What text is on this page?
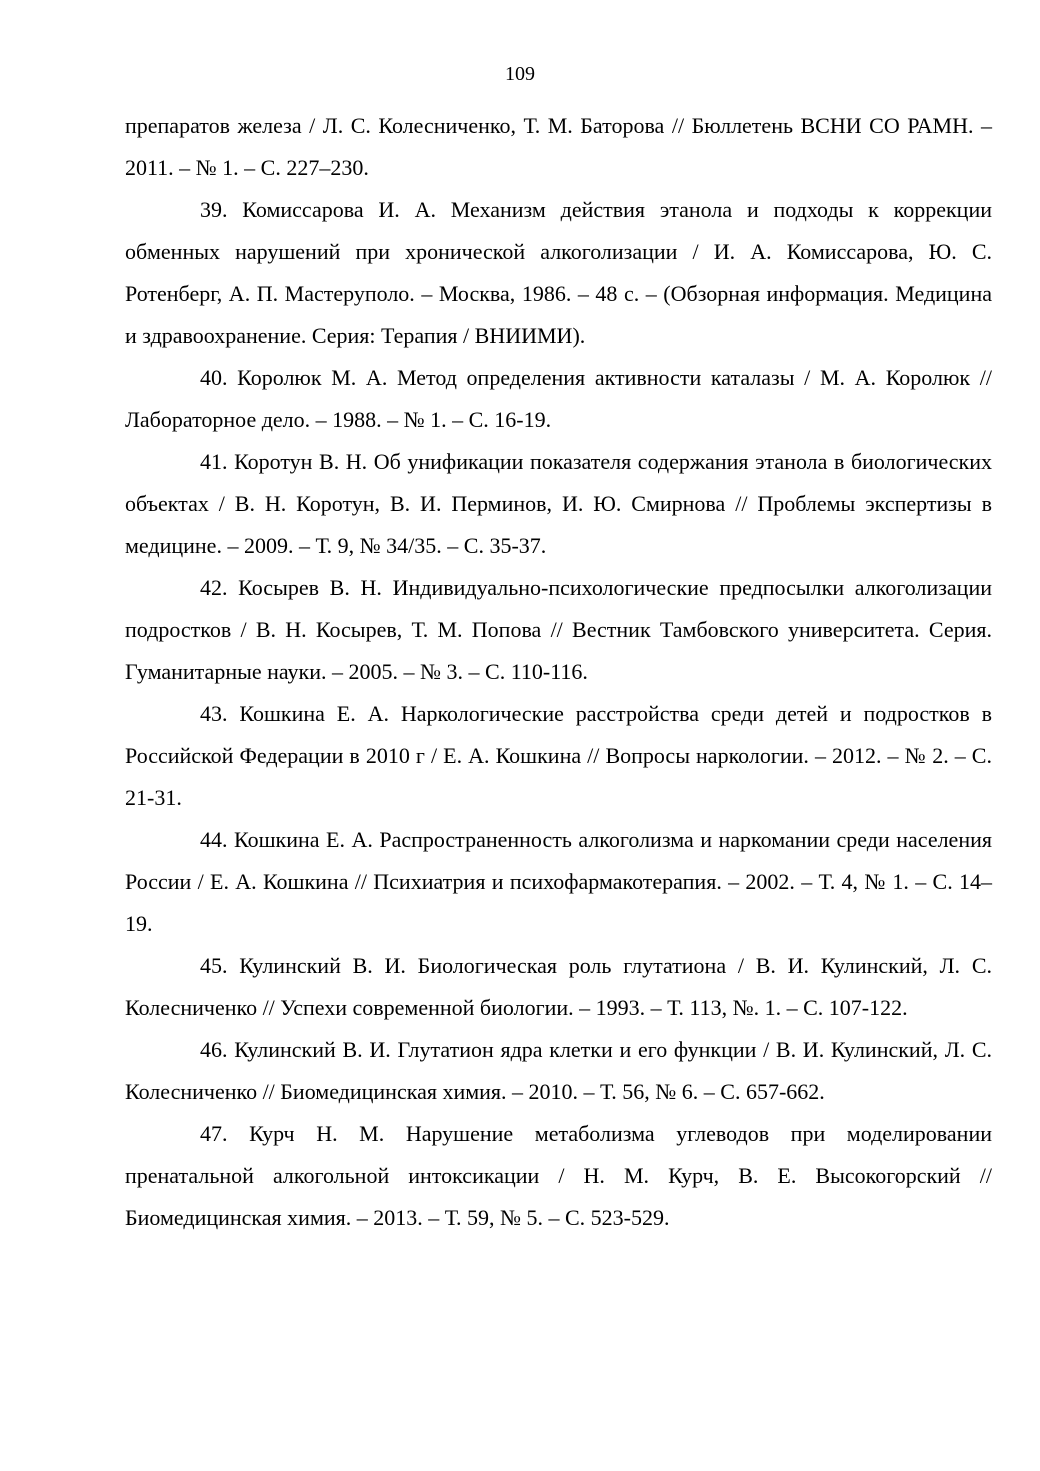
109

препаратов железа / Л. С. Колесниченко, Т. М. Баторова // Бюллетень ВСНИ СО РАМН. – 2011. – № 1. – С. 227–230.

39. Комиссарова И. А. Механизм действия этанола и подходы к коррекции обменных нарушений при хронической алкоголизации / И. А. Комиссарова, Ю. С. Ротенберг, А. П. Мастеруполо. – Москва, 1986. – 48 с. – (Обзорная информация. Медицина и здравоохранение. Серия: Терапия / ВНИИМИ).

40. Королюк М. А. Метод определения активности каталазы / М. А. Королюк // Лабораторное дело. – 1988. – № 1. – С. 16-19.

41. Коротун В. Н. Об унификации показателя содержания этанола в биологических объектах / В. Н. Коротун, В. И. Перминов, И. Ю. Смирнова // Проблемы экспертизы в медицине. – 2009. – Т. 9, № 34/35. – С. 35-37.

42. Косырев В. Н. Индивидуально-психологические предпосылки алкоголизации подростков / В. Н. Косырев, Т. М. Попова // Вестник Тамбовского университета. Серия. Гуманитарные науки. – 2005. – № 3. – С. 110-116.

43. Кошкина Е. А. Наркологические расстройства среди детей и подростков в Российской Федерации в 2010 г / Е. А. Кошкина // Вопросы наркологии. – 2012. – № 2. – С. 21-31.

44. Кошкина Е. А. Распространенность алкоголизма и наркомании среди населения России / Е. А. Кошкина // Психиатрия и психофармакотерапия. – 2002. – Т. 4, № 1. – С. 14–19.

45. Кулинский В. И. Биологическая роль глутатиона / В. И. Кулинский, Л. С. Колесниченко // Успехи современной биологии. – 1993. – Т. 113, №. 1. – С. 107-122.

46. Кулинский В. И. Глутатион ядра клетки и его функции / В. И. Кулинский, Л. С. Колесниченко // Биомедицинская химия. – 2010. – Т. 56, № 6. – С. 657-662.

47. Курч Н. М. Нарушение метаболизма углеводов при моделировании пренатальной алкогольной интоксикации / Н. М. Курч, В. Е. Высокогорский // Биомедицинская химия. – 2013. – Т. 59, № 5. – С. 523-529.
